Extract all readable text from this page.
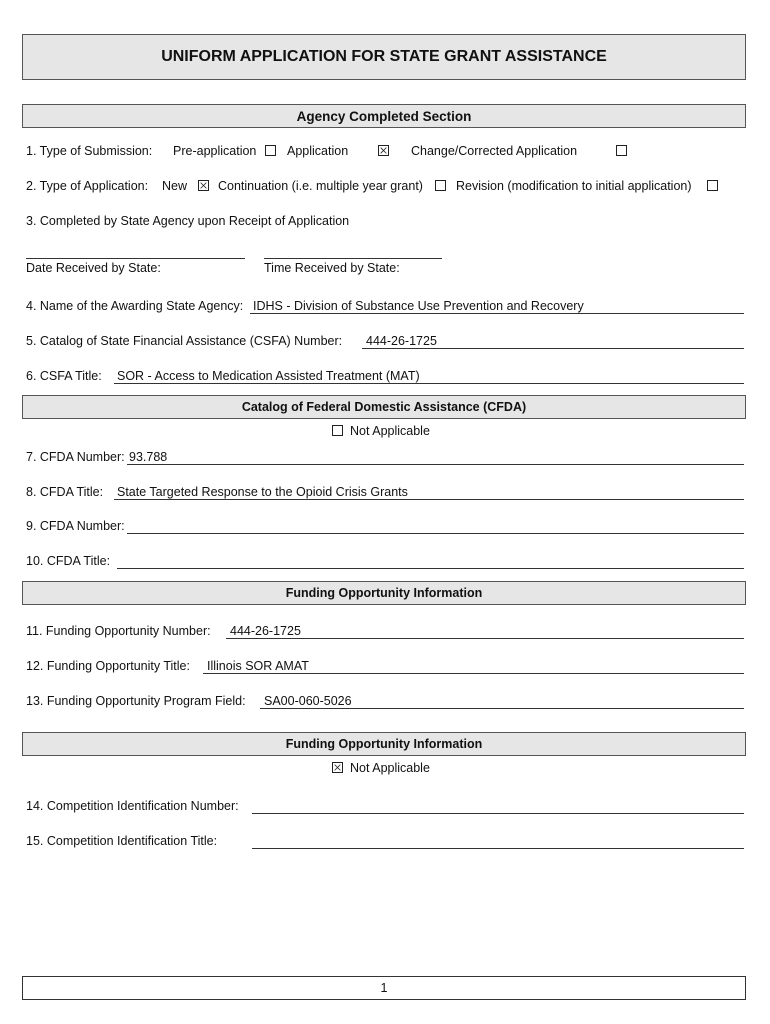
UNIFORM APPLICATION FOR STATE GRANT ASSISTANCE
Agency Completed Section
1. Type of Submission: Pre-application Application	Change/Corrected Application
2. Type of Application: New Continuation (i.e. multiple year grant)	Revision (modification to initial application)
3. Completed by State Agency upon Receipt of Application
Date Received by State:	Time Received by State:
4. Name of the Awarding State Agency: IDHS - Division of Substance Use Prevention and Recovery
5. Catalog of State Financial Assistance (CSFA) Number: 444-26-1725
6. CSFA Title: SOR - Access to Medication Assisted Treatment (MAT)
Catalog of Federal Domestic Assistance (CFDA)
Not Applicable
7. CFDA Number: 93.788
8. CFDA Title: State Targeted Response to the Opioid Crisis Grants
9. CFDA Number:
10. CFDA Title:
Funding Opportunity Information
11. Funding Opportunity Number: 444-26-1725
12. Funding Opportunity Title: Illinois SOR AMAT
13. Funding Opportunity Program Field: SA00-060-5026
Funding Opportunity Information
Not Applicable
14. Competition Identification Number:
15. Competition Identification Title:
1
